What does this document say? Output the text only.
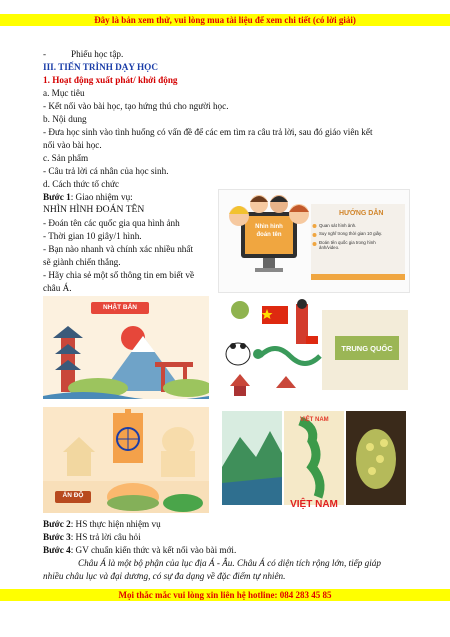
Đây là bản xem thử, vui lòng mua tài liệu để xem chi tiết (có lời giải)
Mọi thắc mắc vui lòng xin liên hệ hotline: 084 283 45 85
-	Phiếu học tập.
III. TIẾN TRÌNH DẠY HỌC
1. Hoạt động xuất phát/ khởi động
a. Mục tiêu
- Kết nối vào bài học, tạo hứng thú cho người học.
b. Nội dung
- Đưa học sinh vào tình huống có vấn đề để các em tìm ra câu trả lời, sau đó giáo viên kết
nối vào bài học.
c. Sản phẩm
- Câu trả lời cá nhân của học sinh.
d. Cách thức tổ chức
Bước 1: Giao nhiệm vụ:
NHÌN HÌNH ĐOÁN TÊN
- Đoán tên các quốc gia qua hình ảnh
- Thời gian 10 giây/1 hình.
- Bạn nào nhanh và chính xác nhiều nhất
sẽ giành chiến thắng.
- Hãy chia sẻ một số thông tin em biết về
châu Á.
Nhìn hình
đoán tên
HƯỚNG DẪN
Quan sát hình ảnh.
Suy nghĩ trong thời gian 10 giây.
Đoán tên quốc gia trong hình
ảnh/video.
NHẬT BẢN
TRUNG QUỐC
ẤN ĐỘ
VIỆT NAM
VIỆT NAM
Bước 2: HS thực hiện nhiệm vụ
Bước 3: HS trả lời câu hỏi
Bước 4: GV chuẩn kiến thức và kết nối vào bài mới.
Châu Á là một bộ phận của lục địa Á - Âu. Châu Á có diện tích rộng lớn, tiếp giáp
nhiều châu lục và đại dương, có sự đa dạng về đặc điểm tự nhiên.
